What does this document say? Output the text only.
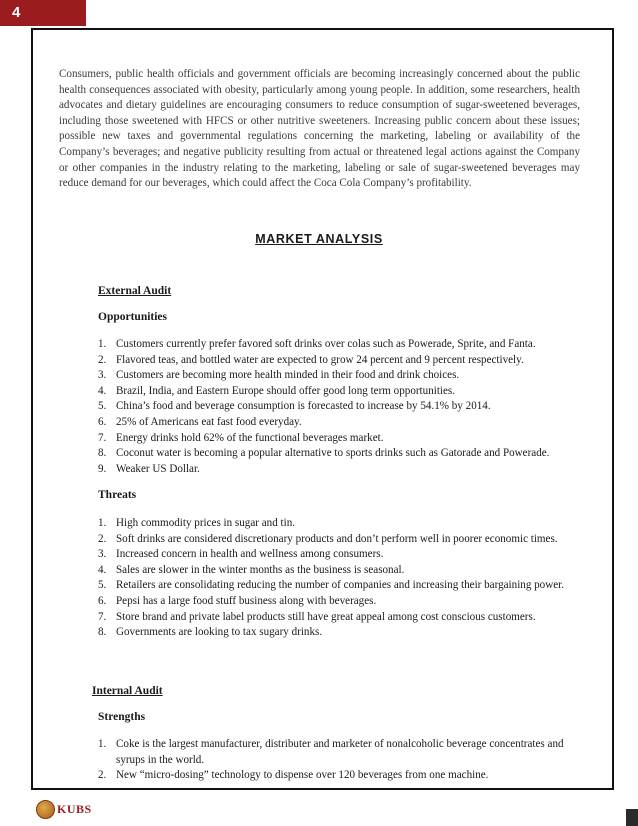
4

Consumers, public health officials and government officials are becoming increasingly concerned about the public health consequences associated with obesity, particularly among young people. In addition, some researchers, health advocates and dietary guidelines are encouraging consumers to reduce consumption of sugar-sweetened beverages, including those sweetened with HFCS or other nutritive sweeteners. Increasing public concern about these issues; possible new taxes and governmental regulations concerning the marketing, labeling or availability of the Company’s beverages; and negative publicity resulting from actual or threatened legal actions against the Company or other companies in the industry relating to the marketing, labeling or sale of sugar-sweetened beverages may reduce demand for our beverages, which could affect the Coca Cola Company’s profitability.

MARKET ANALYSIS
External Audit
Opportunities
1. Customers currently prefer favored soft drinks over colas such as Powerade, Sprite, and Fanta.
2. Flavored teas, and bottled water are expected to grow 24 percent and 9 percent respectively.
3. Customers are becoming more health minded in their food and drink choices.
4. Brazil, India, and Eastern Europe should offer good long term opportunities.
5. China’s food and beverage consumption is forecasted to increase by 54.1% by 2014.
6. 25% of Americans eat fast food everyday.
7. Energy drinks hold 62% of the functional beverages market.
8. Coconut water is becoming a popular alternative to sports drinks such as Gatorade and Powerade.
9. Weaker US Dollar.
Threats
1. High commodity prices in sugar and tin.
2. Soft drinks are considered discretionary products and don’t perform well in poorer economic times.
3. Increased concern in health and wellness among consumers.
4. Sales are slower in the winter months as the business is seasonal.
5. Retailers are consolidating reducing the number of companies and increasing their bargaining power.
6. Pepsi has a large food stuff business along with beverages.
7. Store brand and private label products still have great appeal among cost conscious customers.
8. Governments are looking to tax sugary drinks.
Internal Audit
Strengths
1. Coke is the largest manufacturer, distributer and marketer of nonalcoholic beverage concentrates and syrups in the world.
2. New “micro-dosing” technology to dispense over 120 beverages from one machine.
KUBS
